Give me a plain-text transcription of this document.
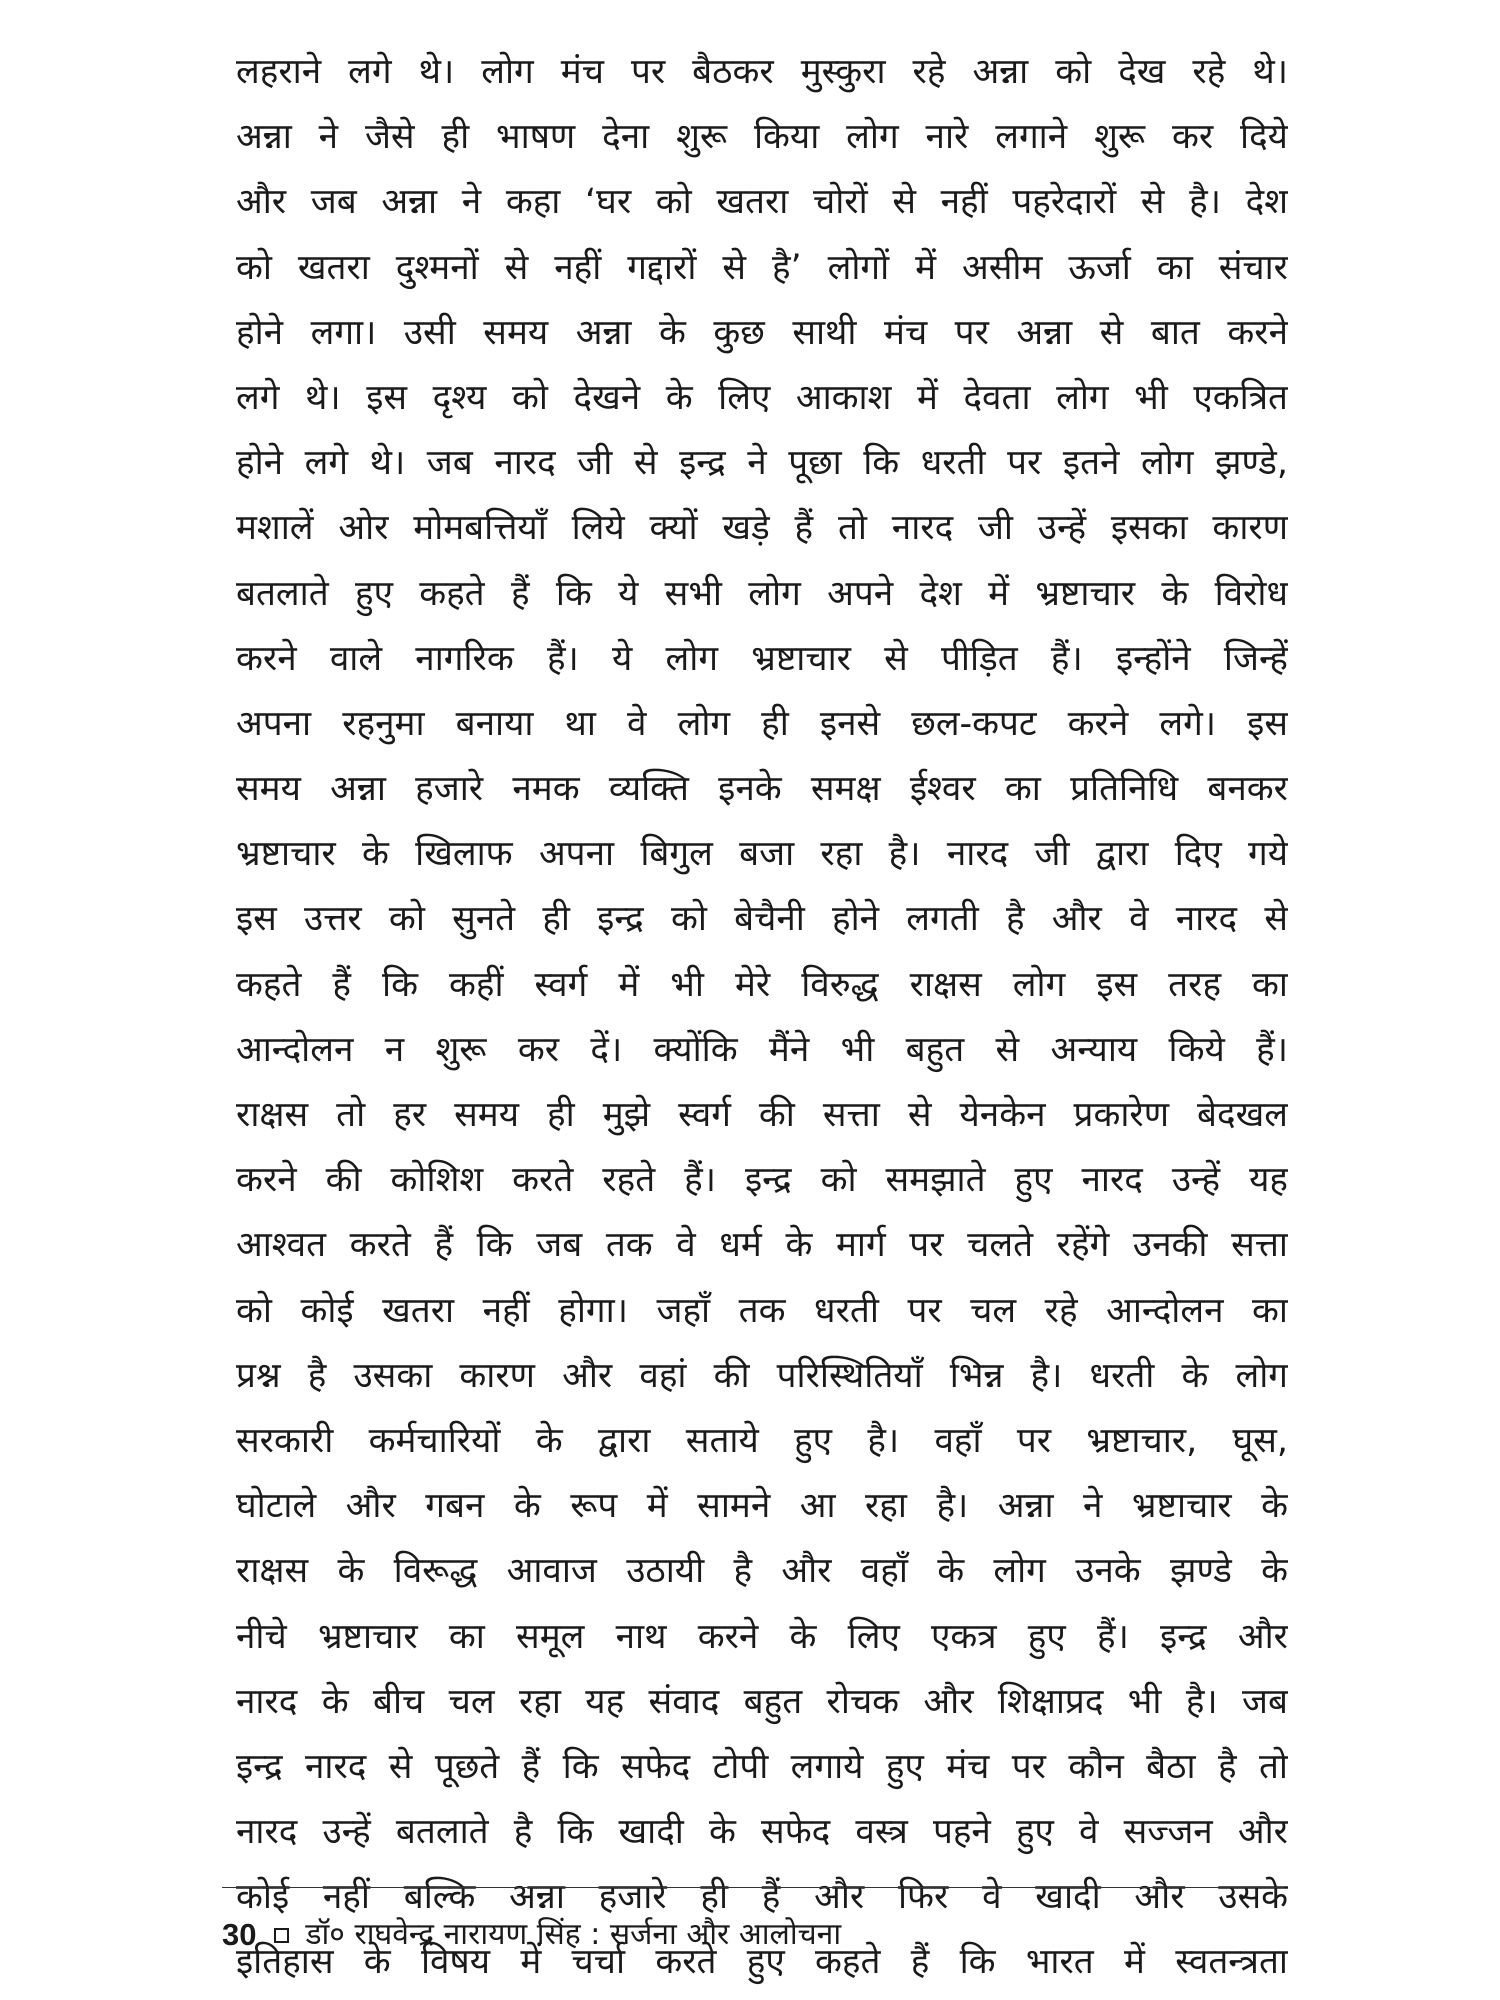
लहराने लगे थे। लोग मंच पर बैठकर मुस्कुरा रहे अन्ना को देख रहे थे।
अन्ना ने जैसे ही भाषण देना शुरू किया लोग नारे लगाने शुरू कर दिये
और जब अन्ना ने कहा ‘घर को खतरा चोरों से नहीं पहरेदारों से है। देश
को खतरा दुश्मनों से नहीं गद्दारों से है’ लोगों में असीम ऊर्जा का संचार
होने लगा। उसी समय अन्ना के कुछ साथी मंच पर अन्ना से बात करने
लगे थे। इस दृश्य को देखने के लिए आकाश में देवता लोग भी एकत्रित
होने लगे थे। जब नारद जी से इन्द्र ने पूछा कि धरती पर इतने लोग झण्डे,
मशालें ओर मोमबत्तियाँ लिये क्यों खड़े हैं तो नारद जी उन्हें इसका कारण
बतलाते हुए कहते हैं कि ये सभी लोग अपने देश में भ्रष्टाचार के विरोध
करने वाले नागरिक हैं। ये लोग भ्रष्टाचार से पीड़ित हैं। इन्होंने जिन्हें
अपना रहनुमा बनाया था वे लोग ही इनसे छल-कपट करने लगे। इस
समय अन्ना हजारे नमक व्यक्ति इनके समक्ष ईश्वर का प्रतिनिधि बनकर
भ्रष्टाचार के खिलाफ अपना बिगुल बजा रहा है। नारद जी द्वारा दिए गये
इस उत्तर को सुनते ही इन्द्र को बेचैनी होने लगती है और वे नारद से
कहते हैं कि कहीं स्वर्ग में भी मेरे विरुद्ध राक्षस लोग इस तरह का
आन्दोलन न शुरू कर दें। क्योंकि मैंने भी बहुत से अन्याय किये हैं।
राक्षस तो हर समय ही मुझे स्वर्ग की सत्ता से येनकेन प्रकारेण बेदखल
करने की कोशिश करते रहते हैं। इन्द्र को समझाते हुए नारद उन्हें यह
आश्वत करते हैं कि जब तक वे धर्म के मार्ग पर चलते रहेंगे उनकी सत्ता
को कोई खतरा नहीं होगा। जहाँ तक धरती पर चल रहे आन्दोलन का
प्रश्न है उसका कारण और वहां की परिस्थितियाँ भिन्न है। धरती के लोग
सरकारी कर्मचारियों के द्वारा सताये हुए है। वहाँ पर भ्रष्टाचार, घूस,
घोटाले और गबन के रूप में सामने आ रहा है। अन्ना ने भ्रष्टाचार के
राक्षस के विरूद्ध आवाज उठायी है और वहाँ के लोग उनके झण्डे के
नीचे भ्रष्टाचार का समूल नाथ करने के लिए एकत्र हुए हैं। इन्द्र और
नारद के बीच चल रहा यह संवाद बहुत रोचक और शिक्षाप्रद भी है। जब
इन्द्र नारद से पूछते हैं कि सफेद टोपी लगाये हुए मंच पर कौन बैठा है तो
नारद उन्हें बतलाते है कि खादी के सफेद वस्त्र पहने हुए वे सज्जन और
कोई नहीं बल्कि अन्ना हजारे ही हैं और फिर वे खादी और उसके
इतिहास के विषय में चर्चा करते हुए कहते हैं कि भारत में स्वतन्त्रता
30 डॉ० राघवेन्द्र नारायण सिंह : सर्जना और आलोचना
